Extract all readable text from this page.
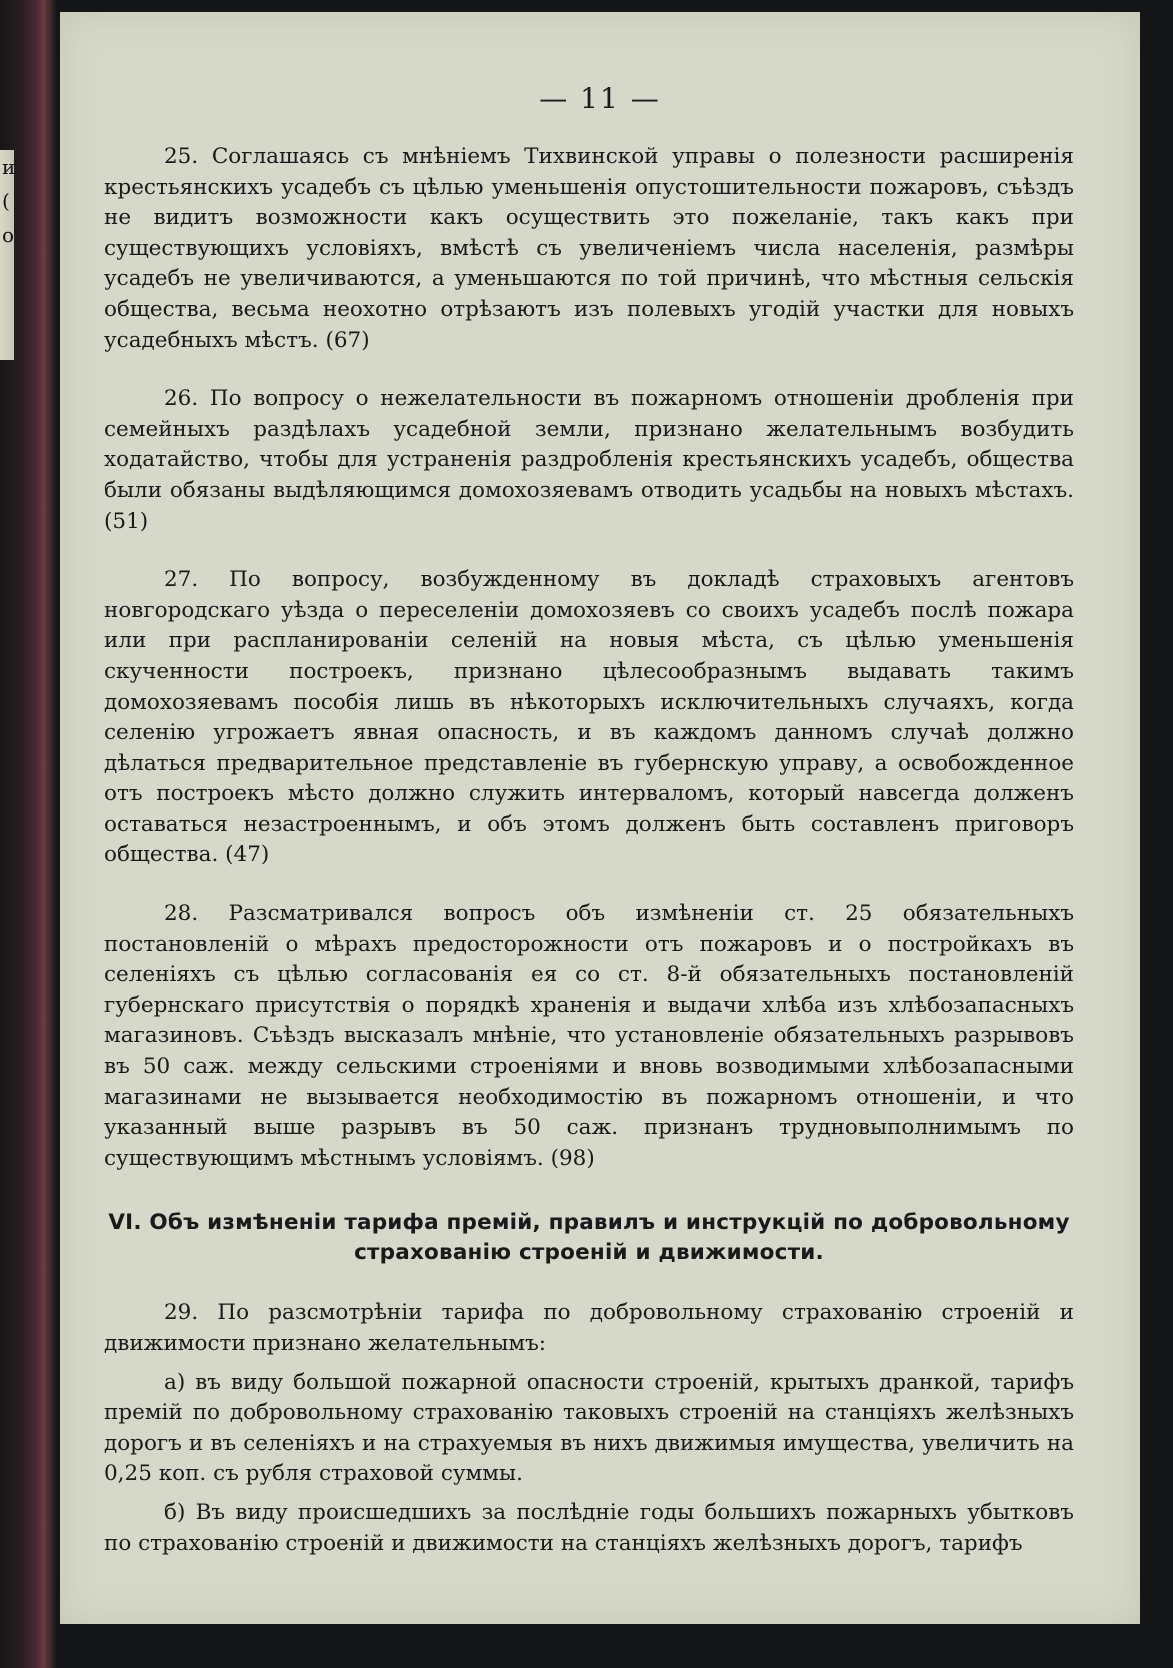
и
(
о
— 11 —

25. Соглашаясь съ мнѣніемъ Тихвинской управы о полезности расширенія крестьянскихъ усадебъ съ цѣлью уменьшенія опустошительности пожаровъ, съѣздъ не видитъ возможности какъ осуществить это пожеланіе, такъ какъ при существующихъ условіяхъ, вмѣстѣ съ увеличеніемъ числа населенія, размѣры усадебъ не увеличиваются, а уменьшаются по той причинѣ, что мѣстныя сельскія общества, весьма неохотно отрѣзаютъ изъ полевыхъ угодій участки для новыхъ усадебныхъ мѣстъ. (67)

26. По вопросу о нежелательности въ пожарномъ отношеніи дробленія при семейныхъ раздѣлахъ усадебной земли, признано желательнымъ возбудить ходатайство, чтобы для устраненія раздробленія крестьянскихъ усадебъ, общества были обязаны выдѣляющимся домохозяевамъ отводить усадьбы на новыхъ мѣстахъ. (51)

27. По вопросу, возбужденному въ докладѣ страховыхъ агентовъ новгородскаго уѣзда о переселеніи домохозяевъ со своихъ усадебъ послѣ пожара или при распланированіи селеній на новыя мѣста, съ цѣлью уменьшенія скученности построекъ, признано цѣлесообразнымъ выдавать такимъ домохозяевамъ пособія лишь въ нѣкоторыхъ исключительныхъ случаяхъ, когда селенію угрожаетъ явная опасность, и въ каждомъ данномъ случаѣ должно дѣлаться предварительное представленіе въ губернскую управу, а освобожденное отъ построекъ мѣсто должно служить интерваломъ, который навсегда долженъ оставаться незастроеннымъ, и объ этомъ долженъ быть составленъ приговоръ общества. (47)

28. Разсматривался вопросъ объ измѣненіи ст. 25 обязательныхъ постановленій о мѣрахъ предосторожности отъ пожаровъ и о постройкахъ въ селеніяхъ съ цѣлью согласованія ея со ст. 8-й обязательныхъ постановленій губернскаго присутствія о порядкѣ храненія и выдачи хлѣба изъ хлѣбозапасныхъ магазиновъ. Съѣздъ высказалъ мнѣніе, что установленіе обязательныхъ разрывовъ въ 50 саж. между сельскими строеніями и вновь возводимыми хлѣбозапасными магазинами не вызывается необходимостію въ пожарномъ отношеніи, и что указанный выше разрывъ въ 50 саж. признанъ трудновыполнимымъ по существующимъ мѣстнымъ условіямъ. (98)

VI. Объ измѣненіи тарифа премій, правилъ и инструкцій по добровольному страхованію строеній и движимости.

29. По разсмотрѣніи тарифа по добровольному страхованію строеній и движимости признано желательнымъ:

а) въ виду большой пожарной опасности строеній, крытыхъ дранкой, тарифъ премій по добровольному страхованію таковыхъ строеній на станціяхъ желѣзныхъ дорогъ и въ селеніяхъ и на страхуемыя въ нихъ движимыя имущества, увеличить на 0,25 коп. съ рубля страховой суммы.

б) Въ виду происшедшихъ за послѣдніе годы большихъ пожарныхъ убытковъ по страхованію строеній и движимости на станціяхъ желѣзныхъ дорогъ, тарифъ
